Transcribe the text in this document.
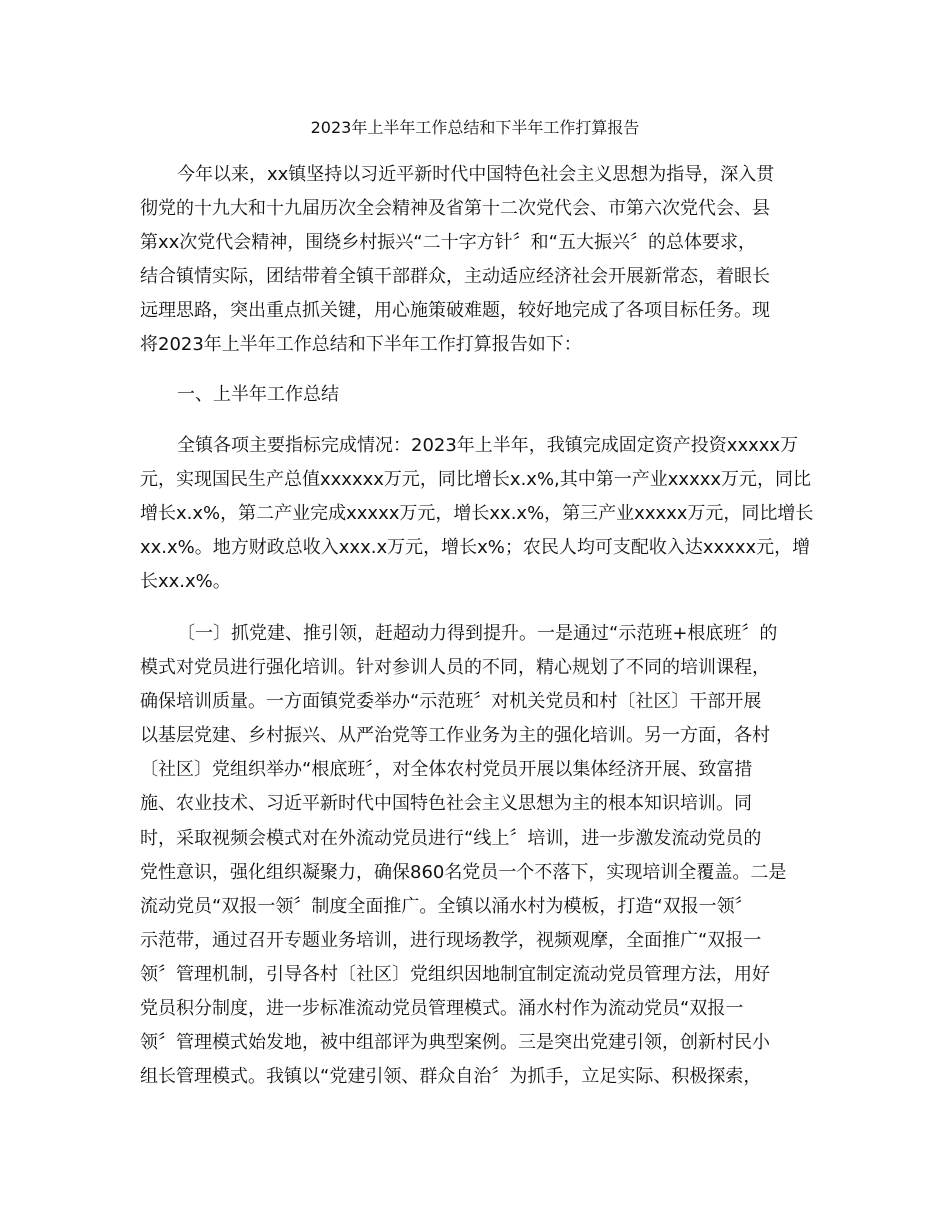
2023年上半年工作总结和下半年工作打算报告
今年以来，xx镇坚持以习近平新时代中国特色社会主义思想为指导，深入贯
彻党的十九大和十九届历次全会精神及省第十二次党代会、市第六次党代会、县
第xx次党代会精神，围绕乡村振兴“二十字方针〞和“五大振兴〞的总体要求，
结合镇情实际，团结带着全镇干部群众，主动适应经济社会开展新常态，着眼长
远理思路，突出重点抓关键，用心施策破难题，较好地完成了各项目标任务。现
将2023年上半年工作总结和下半年工作打算报告如下：
一、上半年工作总结
全镇各项主要指标完成情况：2023年上半年，我镇完成固定资产投资xxxxx万
元，实现国民生产总值xxxxxx万元，同比增长x.x%,其中第一产业xxxxx万元，同比
增长x.x%，第二产业完成xxxxx万元，增长xx.x%，第三产业xxxxx万元，同比增长
xx.x%。地方财政总收入xxx.x万元，增长x%；农民人均可支配收入达xxxxx元，增
长xx.x%。
〔一〕抓党建、推引领，赶超动力得到提升。一是通过“示范班+根底班〞的
模式对党员进行强化培训。针对参训人员的不同，精心规划了不同的培训课程，
确保培训质量。一方面镇党委举办“示范班〞对机关党员和村〔社区〕干部开展
以基层党建、乡村振兴、从严治党等工作业务为主的强化培训。另一方面，各村
〔社区〕党组织举办“根底班〞，对全体农村党员开展以集体经济开展、致富措
施、农业技术、习近平新时代中国特色社会主义思想为主的根本知识培训。同
时，采取视频会模式对在外流动党员进行“线上〞培训，进一步激发流动党员的
党性意识，强化组织凝聚力，确保860名党员一个不落下，实现培训全覆盖。二是
流动党员“双报一领〞制度全面推广。全镇以涌水村为模板，打造“双报一领〞
示范带，通过召开专题业务培训，进行现场教学，视频观摩，全面推广“双报一
领〞管理机制，引导各村〔社区〕党组织因地制宜制定流动党员管理方法，用好
党员积分制度，进一步标准流动党员管理模式。涌水村作为流动党员“双报一
领〞管理模式始发地，被中组部评为典型案例。三是突出党建引领，创新村民小
组长管理模式。我镇以“党建引领、群众自治〞为抓手，立足实际、积极探索，
